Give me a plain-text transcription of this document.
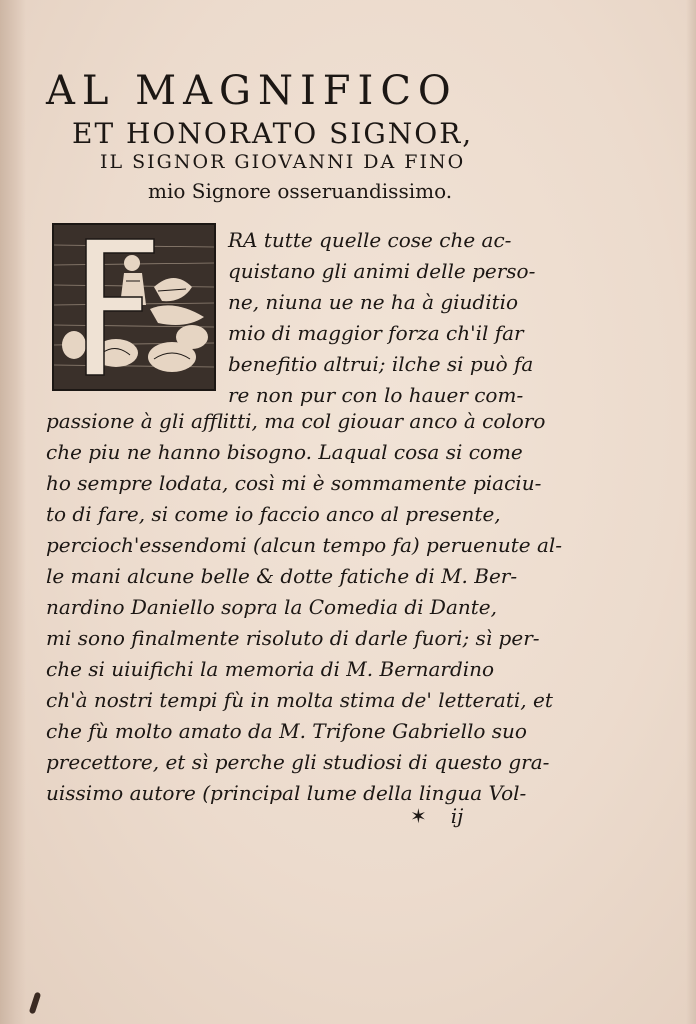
AL MAGNIFICO
ET HONORATO SIGNOR,
IL SIGNOR GIOVANNI DA FINO
mio Signore osseruandissimo.
RA tutte quelle cose che ac-
quistano gli animi delle perso-
ne, niuna ue ne ha à giuditio
mio di maggior forza ch'il far
benefitio altrui; ilche si può fa
re non pur con lo hauer com-
passione à gli afflitti, ma col giouar anco à coloro
che piu ne hanno bisogno. Laqual cosa si come
ho sempre lodata, così mi è sommamente piaciu-
to di fare, si come io faccio anco al presente,
percioch'essendomi (alcun tempo fa) peruenute al-
le mani alcune belle & dotte fatiche di M. Ber-
nardino Daniello sopra la Comedia di Dante,
mi sono finalmente risoluto di darle fuori; sì per-
che si uiuifichi la memoria di M. Bernardino
ch'à nostri tempi fù in molta stima de' letterati, et
che fù molto amato da M. Trifone Gabriello suo
precettore, et sì perche gli studiosi di questo gra-
uissimo autore (principal lume della lingua Vol-
✶ ij
